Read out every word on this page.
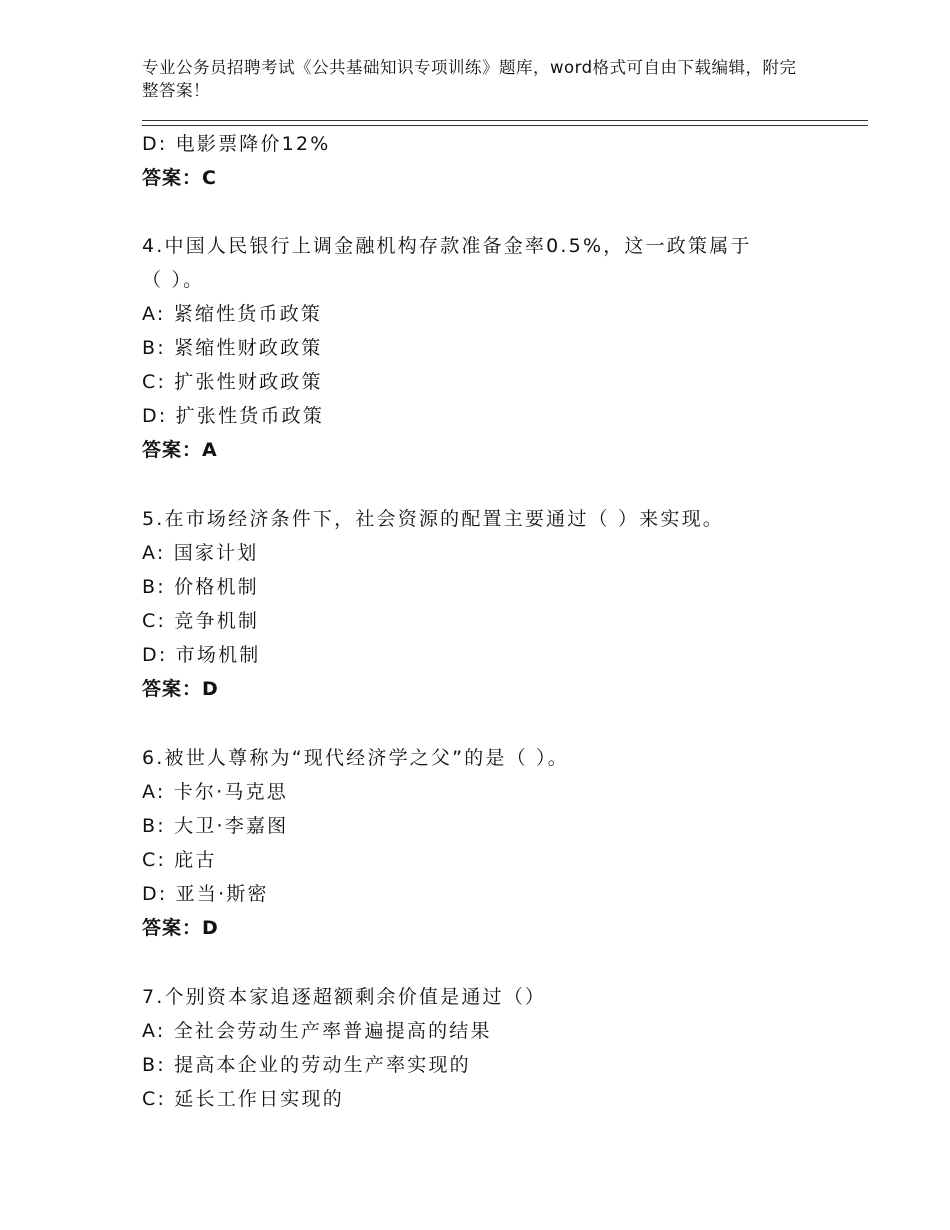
专业公务员招聘考试《公共基础知识专项训练》题库，word格式可自由下载编辑，附完整答案！
D: 电影票降价12%
答案：C
4.中国人民银行上调金融机构存款准备金率0.5%，这一政策属于
（ ）。
A: 紧缩性货币政策
B: 紧缩性财政政策
C: 扩张性财政政策
D: 扩张性货币政策
答案：A
5.在市场经济条件下，社会资源的配置主要通过（ ）来实现。
A: 国家计划
B: 价格机制
C: 竞争机制
D: 市场机制
答案：D
6.被世人尊称为“现代经济学之父”的是（ ）。
A: 卡尔·马克思
B: 大卫·李嘉图
C: 庇古
D: 亚当·斯密
答案：D
7.个别资本家追逐超额剩余价值是通过（）
A: 全社会劳动生产率普遍提高的结果
B: 提高本企业的劳动生产率实现的
C: 延长工作日实现的
